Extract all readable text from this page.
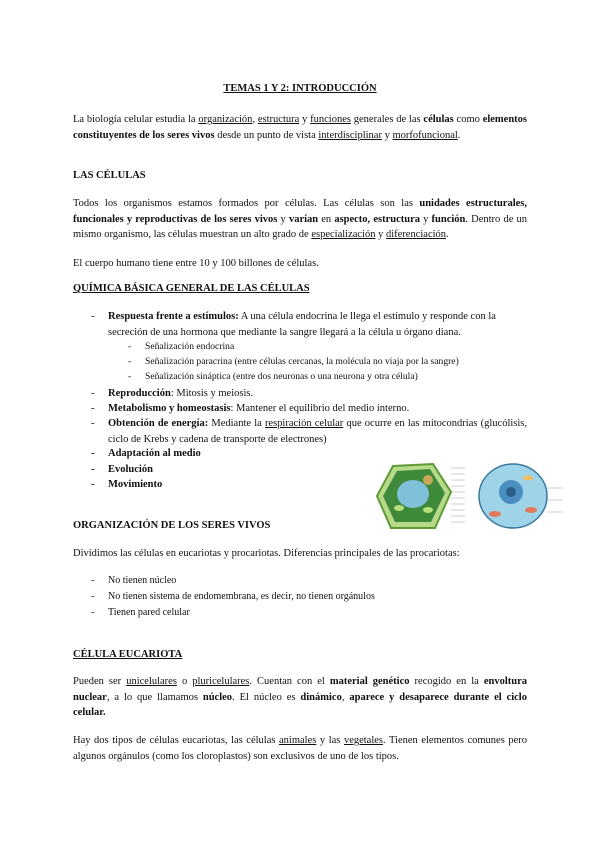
TEMAS 1 Y 2: INTRODUCCIÓN
La biología celular estudia la organización, estructura y funciones generales de las células como elementos constituyentes de los seres vivos desde un punto de vista interdisciplinar y morfofuncional.
LAS CÉLULAS
Todos los organismos estamos formados por células. Las células son las unidades estructurales, funcionales y reproductivas de los seres vivos y varían en aspecto, estructura y función. Dentro de un mismo organismo, las células muestran un alto grado de especialización y diferenciación.
El cuerpo humano tiene entre 10 y 100 billones de células.
QUÍMICA BÁSICA GENERAL DE LAS CÉLULAS
- Respuesta frente a estímulos: A una célula endocrina le llega el estímulo y responde con la secreción de una hormona que mediante la sangre llegará a la célula u órgano diana.
- Señalización endocrina
- Señalización paracrina (entre células cercanas, la molécula no viaja por la sangre)
- Señalización sináptica (entre dos neuronas o una neurona y otra célula)
- Reproducción: Mitosis y meiosis.
- Metabolismo y homeostasis: Mantener el equilibrio del medio interno.
- Obtención de energía: Mediante la respiración celular que ocurre en las mitocondrias (glucólisis, ciclo de Krebs y cadena de transporte de electrones)
- Adaptación al medio
- Evolución
- Movimiento
ORGANIZACIÓN DE LOS SERES VIVOS
Dividimos las células en eucariotas y procariotas. Diferencias principales de las procariotas:
- No tienen núcleo
- No tienen sistema de endomembrana, es decir, no tienen orgánulos
- Tienen pared celular
CÉLULA EUCARIOTA
Pueden ser unicelulares o pluricelulares. Cuentan con el material genético recogido en la envoltura nuclear, a lo que llamamos núcleo. El núcleo es dinámico, aparece y desaparece durante el ciclo celular.
Hay dos tipos de células eucariotas, las células animales y las vegetales. Tienen elementos comunes pero algunos orgánulos (como los cloroplastos) son exclusivos de uno de los tipos.
